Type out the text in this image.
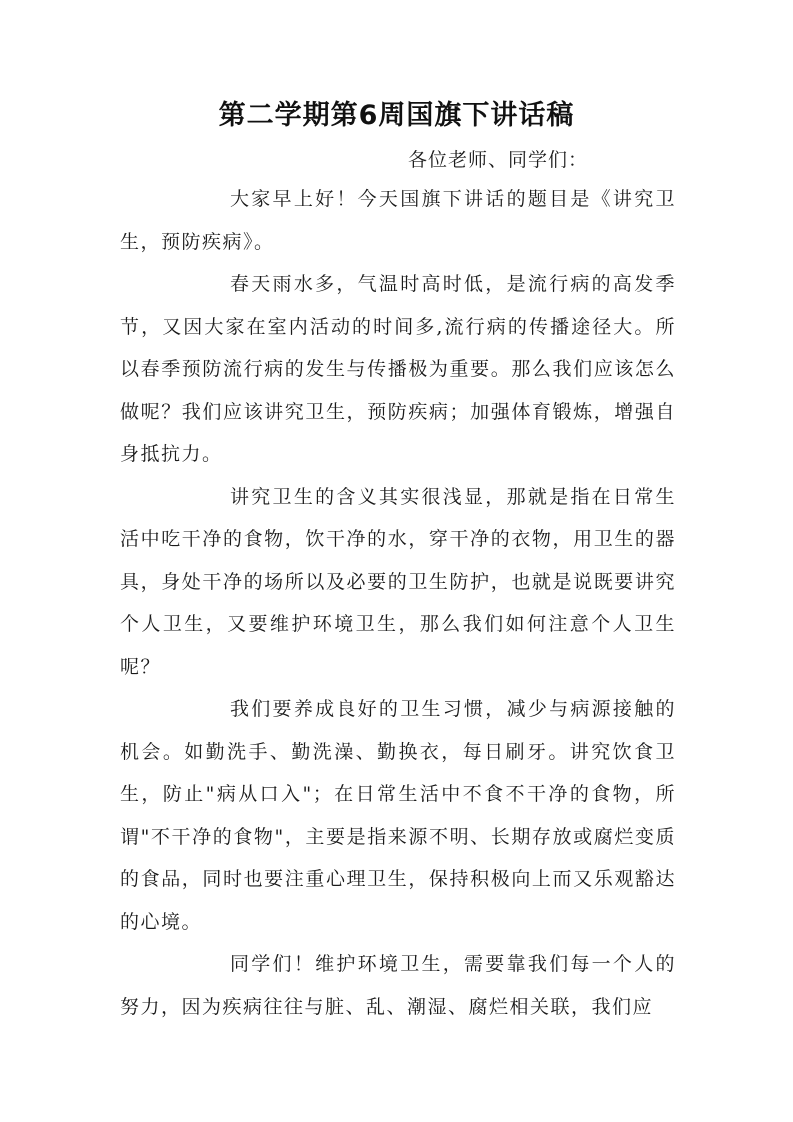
第二学期第6周国旗下讲话稿

各位老师、同学们：

大家早上好！今天国旗下讲话的题目是《讲究卫生，预防疾病》。

春天雨水多，气温时高时低，是流行病的高发季节，又因大家在室内活动的时间多,流行病的传播途径大。所以春季预防流行病的发生与传播极为重要。那么我们应该怎么做呢？我们应该讲究卫生，预防疾病；加强体育锻炼，增强自身抵抗力。

讲究卫生的含义其实很浅显，那就是指在日常生活中吃干净的食物，饮干净的水，穿干净的衣物，用卫生的器具，身处干净的场所以及必要的卫生防护，也就是说既要讲究个人卫生，又要维护环境卫生，那么我们如何注意个人卫生呢？

我们要养成良好的卫生习惯，减少与病源接触的机会。如勤洗手、勤洗澡、勤换衣，每日刷牙。讲究饮食卫生，防止"病从口入"；在日常生活中不食不干净的食物，所谓"不干净的食物"，主要是指来源不明、长期存放或腐烂变质的食品，同时也要注重心理卫生，保持积极向上而又乐观豁达的心境。

同学们！维护环境卫生，需要靠我们每一个人的努力，因为疾病往往与脏、乱、潮湿、腐烂相关联，我们应
